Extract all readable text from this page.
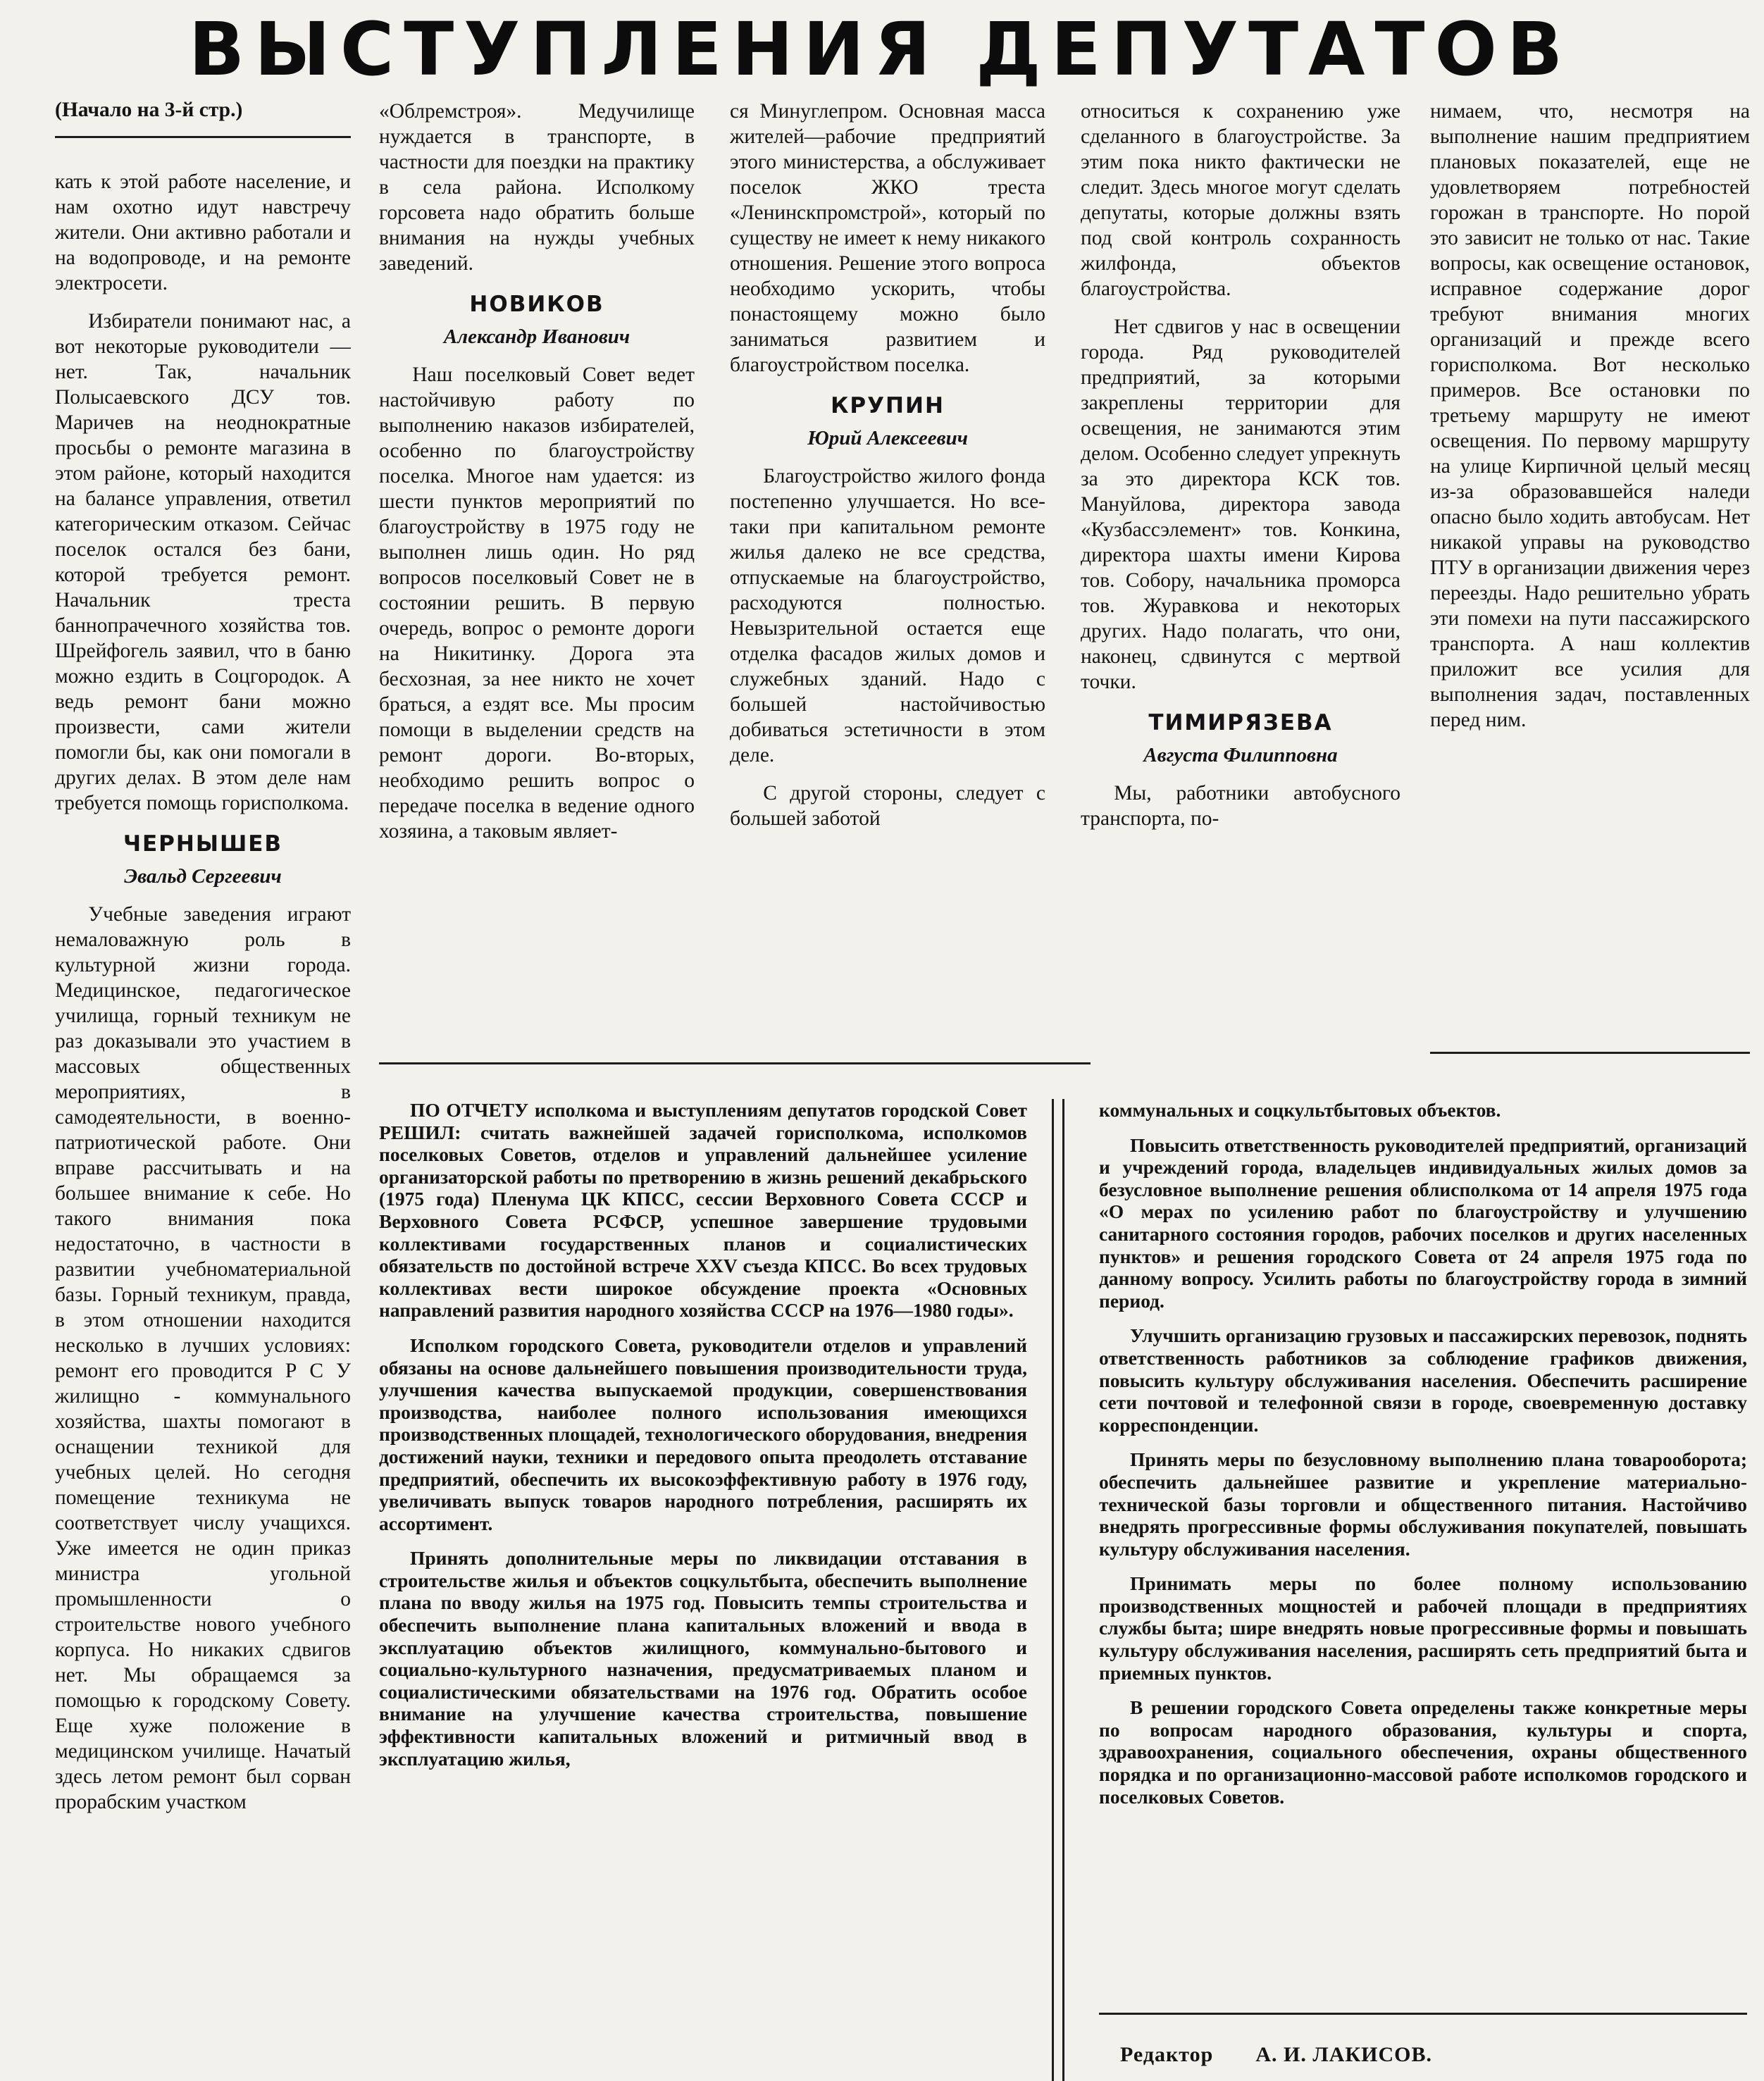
ВЫСТУПЛЕНИЯ ДЕПУТАТОВ
(Начало на 3-й стр.)

кать к этой работе население, и нам охотно идут навстречу жители. Они активно работали и на водопроводе, и на ремонте электросети.

Избиратели понимают нас, а вот некоторые руководители — нет. Так, начальник Полысаевского ДСУ тов. Маричев на неоднократные просьбы о ремонте магазина в этом районе, который находится на балансе управления, ответил категорическим отказом. Сейчас поселок остался без бани, которой требуется ремонт. Начальник треста баннопрачечного хозяйства тов. Шрейфогель заявил, что в баню можно ездить в Соцгородок. А ведь ремонт бани можно произвести, сами жители помогли бы, как они помогали в других делах. В этом деле нам требуется помощь горисполкома.

ЧЕРНЫШЕВ
Эвальд Сергеевич

Учебные заведения играют немаловажную роль в культурной жизни города. Медицинское, педагогическое училища, горный техникум не раз доказывали это участием в массовых общественных мероприятиях, в самодеятельности, в военно-патриотической работе. Они вправе рассчитывать и на большее внимание к себе. Но такого внимания пока недостаточно, в частности в развитии учебноматериальной базы. Горный техникум, правда, в этом отношении находится несколько в лучших условиях: ремонт его проводится Р С У жилищно - коммунального хозяйства, шахты помогают в оснащении техникой для учебных целей. Но сегодня помещение техникума не соответствует числу учащихся. Уже имеется не один приказ министра угольной промышленности о строительстве нового учебного корпуса. Но никаких сдвигов нет. Мы обращаемся за помощью к городскому Совету. Еще хуже положение в медицинском училище. Начатый здесь летом ремонт был сорван прорабским участком

«Облремстроя». Медучилище нуждается в транспорте, в частности для поездки на практику в села района. Исполкому горсовета надо обратить больше внимания на нужды учебных заведений.

НОВИКОВ
Александр Иванович

Наш поселковый Совет ведет настойчивую работу по выполнению наказов избирателей, особенно по благоустройству поселка. Многое нам удается: из шести пунктов мероприятий по благоустройству в 1975 году не выполнен лишь один. Но ряд вопросов поселковый Совет не в состоянии решить. В первую очередь, вопрос о ремонте дороги на Никитинку. Дорога эта бесхозная, за нее никто не хочет браться, а ездят все. Мы просим помощи в выделении средств на ремонт дороги. Во-вторых, необходимо решить вопрос о передаче поселка в ведение одного хозяина, а таковым являет-

ся Минуглепром. Основная масса жителей—рабочие предприятий этого министерства, а обслуживает поселок ЖКО треста «Ленинскпромстрой», который по существу не имеет к нему никакого отношения. Решение этого вопроса необходимо ускорить, чтобы понастоящему можно было заниматься развитием и благоустройством поселка.

КРУПИН
Юрий Алексеевич

Благоустройство жилого фонда постепенно улучшается. Но все-таки при капитальном ремонте жилья далеко не все средства, отпускаемые на благоустройство, расходуются полностью. Невызрительной остается еще отделка фасадов жилых домов и служебных зданий. Надо с большей настойчивостью добиваться эстетичности в этом деле.

С другой стороны, следует с большей заботой

относиться к сохранению уже сделанного в благоустройстве. За этим пока никто фактически не следит. Здесь многое могут сделать депутаты, которые должны взять под свой контроль сохранность жилфонда, объектов благоустройства.

Нет сдвигов у нас в освещении города. Ряд руководителей предприятий, за которыми закреплены территории для освещения, не занимаются этим делом. Особенно следует упрекнуть за это директора КСК тов. Мануйлова, директора завода «Кузбассэлемент» тов. Конкина, директора шахты имени Кирова тов. Собору, начальника проморса тов. Журавкова и некоторых других. Надо полагать, что они, наконец, сдвинутся с мертвой точки.

ТИМИРЯЗЕВА
Августа Филипповна

Мы, работники автобусного транспорта, по-

нимаем, что, несмотря на выполнение нашим предприятием плановых показателей, еще не удовлетворяем потребностей горожан в транспорте. Но порой это зависит не только от нас. Такие вопросы, как освещение остановок, исправное содержание дорог требуют внимания многих организаций и прежде всего горисполкома. Вот несколько примеров. Все остановки по третьему маршруту не имеют освещения. По первому маршруту на улице Кирпичной целый месяц из-за образовавшейся наледи опасно было ходить автобусам. Нет никакой управы на руководство ПТУ в организации движения через переезды. Надо решительно убрать эти помехи на пути пассажирского транспорта. А наш коллектив приложит все усилия для выполнения задач, поставленных перед ним.

ПО ОТЧЕТУ исполкома и выступлениям депутатов городской Совет РЕШИЛ: считать важнейшей задачей горисполкома, исполкомов поселковых Советов, отделов и управлений дальнейшее усиление организаторской работы по претворению в жизнь решений декабрьского (1975 года) Пленума ЦК КПСС, сессии Верховного Совета СССР и Верховного Совета РСФСР, успешное завершение трудовыми коллективами государственных планов и социалистических обязательств по достойной встрече XXV съезда КПСС. Во всех трудовых коллективах вести широкое обсуждение проекта «Основных направлений развития народного хозяйства СССР на 1976—1980 годы».

Исполком городского Совета, руководители отделов и управлений обязаны на основе дальнейшего повышения производительности труда, улучшения качества выпускаемой продукции, совершенствования производства, наиболее полного использования имеющихся производственных площадей, технологического оборудования, внедрения достижений науки, техники и передового опыта преодолеть отставание предприятий, обеспечить их высокоэффективную работу в 1976 году, увеличивать выпуск товаров народного потребления, расширять их ассортимент.

Принять дополнительные меры по ликвидации отставания в строительстве жилья и объектов соцкультбыта, обеспечить выполнение плана по вводу жилья на 1975 год. Повысить темпы строительства и обеспечить выполнение плана капитальных вложений и ввода в эксплуатацию объектов жилищного, коммунально-бытового и социально-культурного назначения, предусматриваемых планом и социалистическими обязательствами на 1976 год. Обратить особое внимание на улучшение качества строительства, повышение эффективности капитальных вложений и ритмичный ввод в эксплуатацию жилья,

коммунальных и соцкультбытовых объектов.

Повысить ответственность руководителей предприятий, организаций и учреждений города, владельцев индивидуальных жилых домов за безусловное выполнение решения облисполкома от 14 апреля 1975 года «О мерах по усилению работ по благоустройству и улучшению санитарного состояния городов, рабочих поселков и других населенных пунктов» и решения городского Совета от 24 апреля 1975 года по данному вопросу. Усилить работы по благоустройству города в зимний период.

Улучшить организацию грузовых и пассажирских перевозок, поднять ответственность работников за соблюдение графиков движения, повысить культуру обслуживания населения. Обеспечить расширение сети почтовой и телефонной связи в городе, своевременную доставку корреспонденции.

Принять меры по безусловному выполнению плана товарооборота; обеспечить дальнейшее развитие и укрепление материально-технической базы торговли и общественного питания. Настойчиво внедрять прогрессивные формы обслуживания покупателей, повышать культуру обслуживания населения.

Принимать меры по более полному использованию производственных мощностей и рабочей площади в предприятиях службы быта; шире внедрять новые прогрессивные формы и повышать культуру обслуживания населения, расширять сеть предприятий быта и приемных пунктов.

В решении городского Совета определены также конкретные меры по вопросам народного образования, культуры и спорта, здравоохранения, социального обеспечения, охраны общественного порядка и по организационно-массовой работе исполкомов городского и поселковых Советов.

Редактор А. И. ЛАКИСОВ.
